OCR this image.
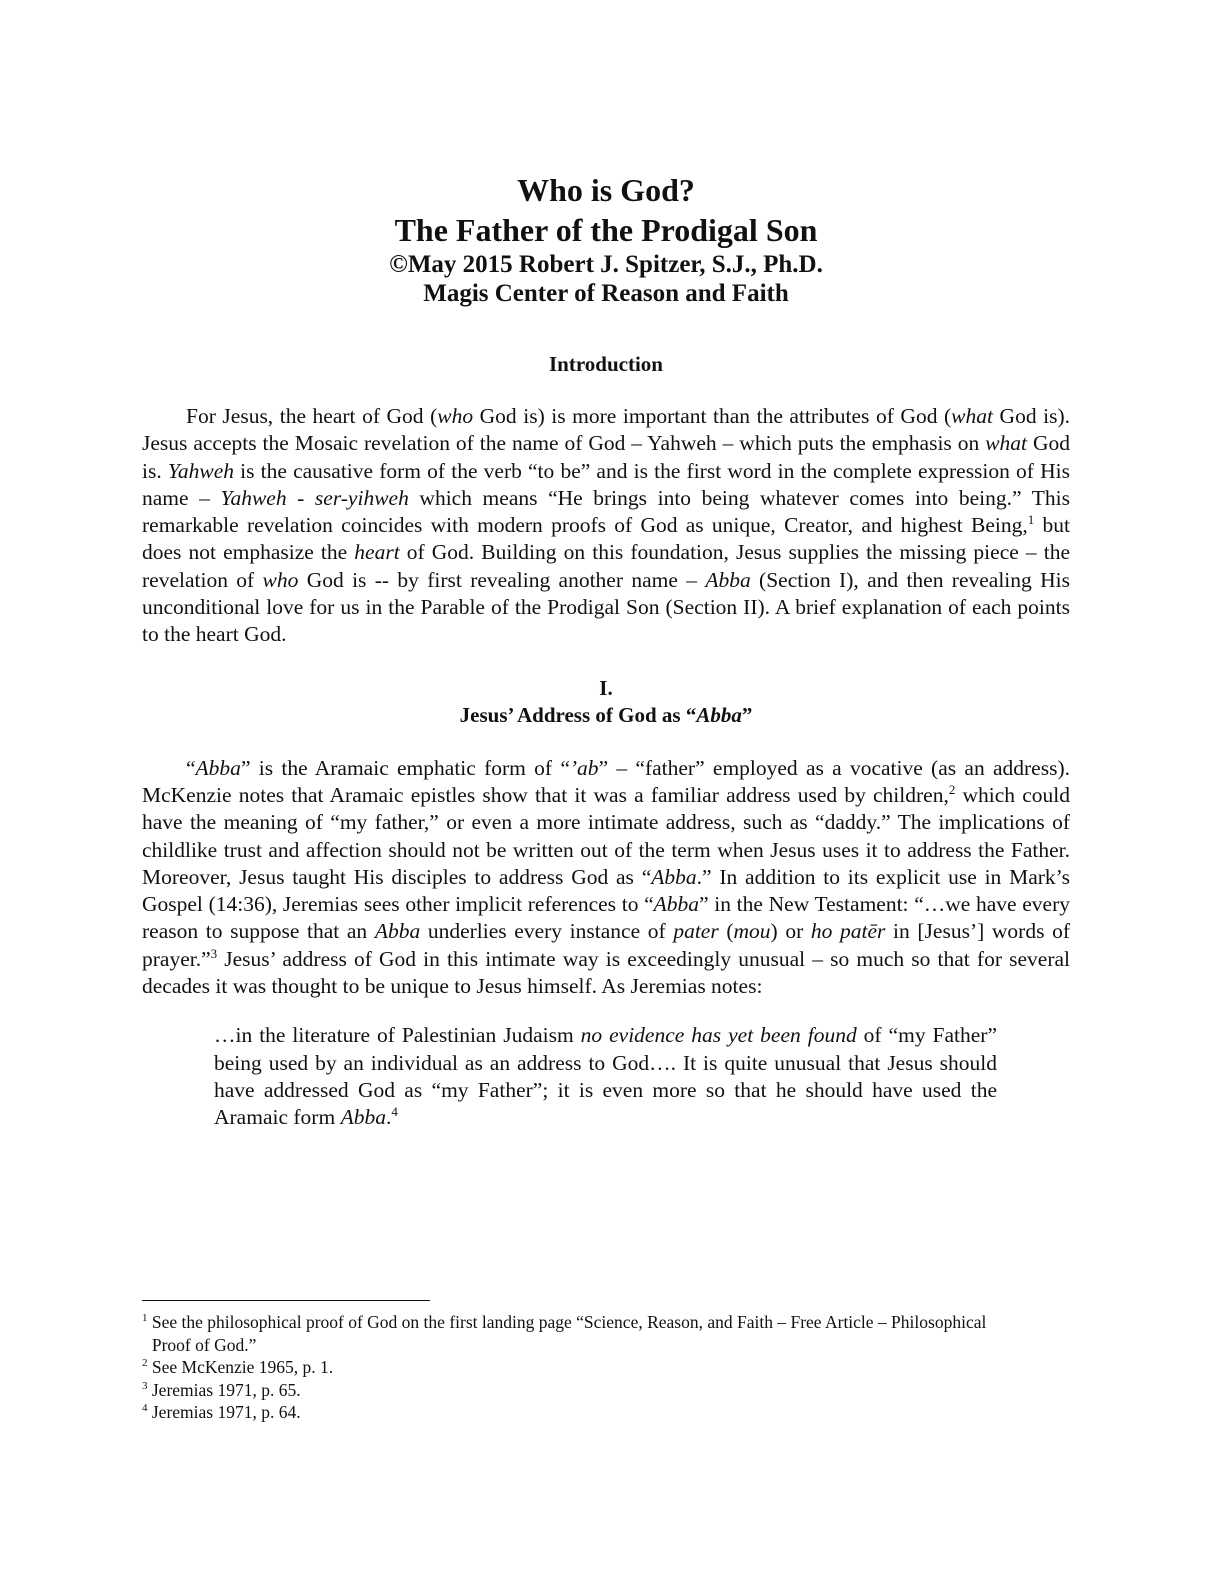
Who is God?
The Father of the Prodigal Son
©May 2015 Robert J. Spitzer, S.J., Ph.D.
Magis Center of Reason and Faith
Introduction

For Jesus, the heart of God (who God is) is more important than the attributes of God (what God is). Jesus accepts the Mosaic revelation of the name of God – Yahweh – which puts the emphasis on what God is. Yahweh is the causative form of the verb “to be” and is the first word in the complete expression of His name – Yahweh - ser-yihweh which means “He brings into being whatever comes into being.” This remarkable revelation coincides with modern proofs of God as unique, Creator, and highest Being,$^1$ but does not emphasize the heart of God. Building on this foundation, Jesus supplies the missing piece – the revelation of who God is -- by first revealing another name – Abba (Section I), and then revealing His unconditional love for us in the Parable of the Prodigal Son (Section II). A brief explanation of each points to the heart God.

I.
Jesus’ Address of God as “Abba”

“Abba” is the Aramaic emphatic form of “’ab” – “father” employed as a vocative (as an address). McKenzie notes that Aramaic epistles show that it was a familiar address used by children,$^2$ which could have the meaning of “my father,” or even a more intimate address, such as “daddy.” The implications of childlike trust and affection should not be written out of the term when Jesus uses it to address the Father. Moreover, Jesus taught His disciples to address God as “Abba.” In addition to its explicit use in Mark’s Gospel (14:36), Jeremias sees other implicit references to “Abba” in the New Testament: “…we have every reason to suppose that an Abba underlies every instance of pater (mou) or ho patēr in [Jesus’] words of prayer.”$^3$ Jesus’ address of God in this intimate way is exceedingly unusual – so much so that for several decades it was thought to be unique to Jesus himself. As Jeremias notes:

…in the literature of Palestinian Judaism no evidence has yet been found of “my Father” being used by an individual as an address to God…. It is quite unusual that Jesus should have addressed God as “my Father”; it is even more so that he should have used the Aramaic form Abba.$^4$
$^1$ See the philosophical proof of God on the first landing page “Science, Reason, and Faith – Free Article – Philosophical Proof of God.”
$^2$ See McKenzie 1965, p. 1.
$^3$ Jeremias 1971, p. 65.
$^4$ Jeremias 1971, p. 64.
